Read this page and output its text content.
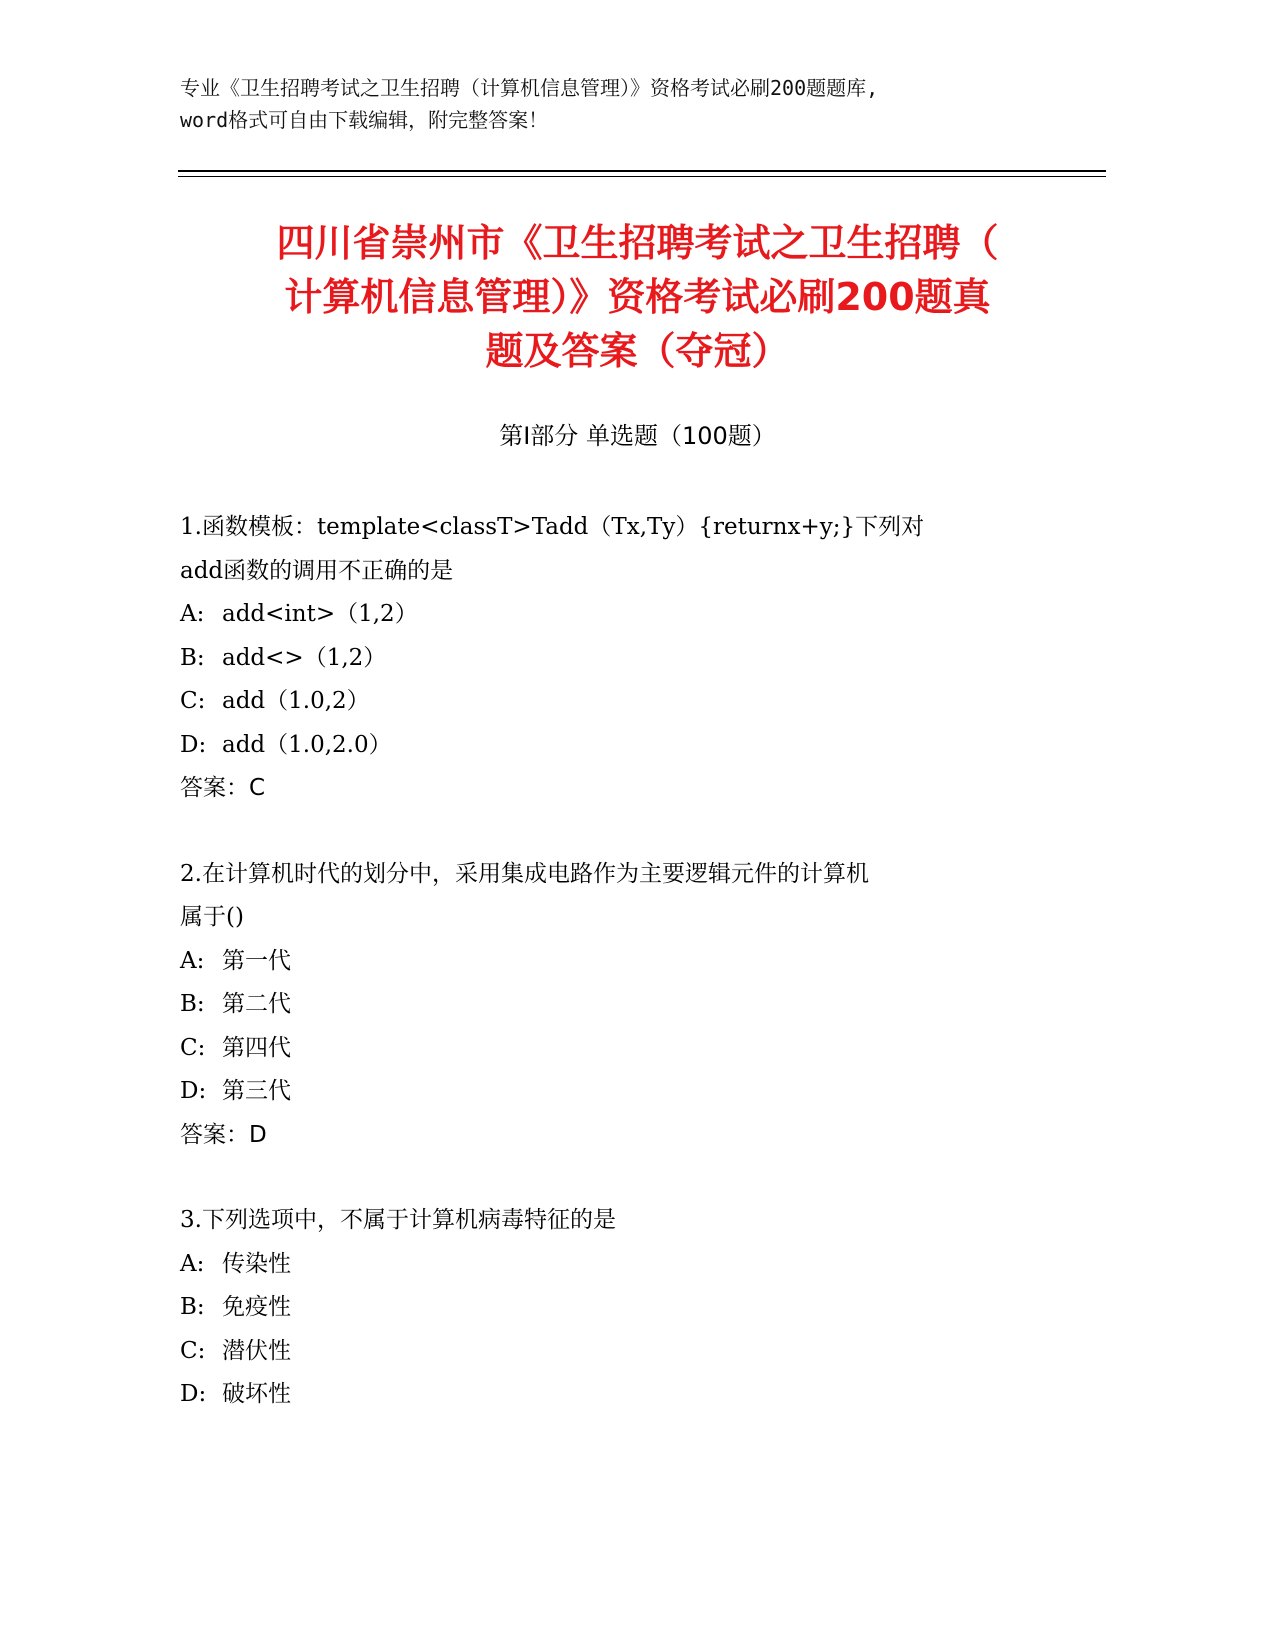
专业《卫生招聘考试之卫生招聘（计算机信息管理）》资格考试必刷200题题库,
word格式可自由下载编辑，附完整答案！
四川省崇州市《卫生招聘考试之卫生招聘（
计算机信息管理）》资格考试必刷200题真
题及答案（夺冠）
第Ⅰ部分 单选题（100题）
1.函数模板：template<classT>Tadd（Tx,Ty）{returnx+y;}下列对
add函数的调用不正确的是
A: add<int>（1,2）
B: add<>（1,2）
C: add（1.0,2）
D: add（1.0,2.0）
答案：C
2.在计算机时代的划分中，采用集成电路作为主要逻辑元件的计算机
属于()
A: 第一代
B: 第二代
C: 第四代
D: 第三代
答案：D
3.下列选项中，不属于计算机病毒特征的是
A: 传染性
B: 免疫性
C: 潜伏性
D: 破坏性
